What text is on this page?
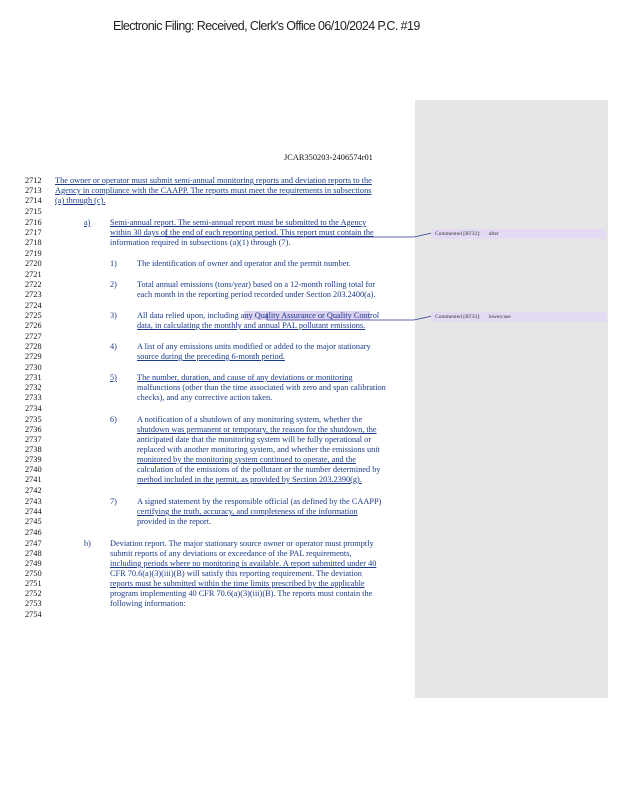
Electronic Filing: Received, Clerk's Office 06/10/2024 P.C. #19
JCAR350203-2406574r01
2712
2713
2714
2715
2716
2717
2718
2719
2720
2721
2722
2723
2724
2725
2726
2727
2728
2729
2730
2731
2732
2733
2734
2735
2736
2737
2738
2739
2740
2741
2742
2743
2744
2745
2746
2747
2748
2749
2750
2751
2752
2753
2754
The owner or operator must submit semi-annual monitoring reports and deviation reports to the
Agency in compliance with the CAAPP. The reports must meet the requirements in subsections
(a) through (c).
a) Semi-annual report. The semi-annual report must be submitted to the Agency
within 30 days of the end of each reporting period. This report must contain the
information required in subsections (a)(1) through (7).
1) The identification of owner and operator and the permit number.
2) Total annual emissions (tons/year) based on a 12-month rolling total for
each month in the reporting period recorded under Section 203.2400(a).
3) All data relied upon, including any Quality Assurance or Quality Control
data, in calculating the monthly and annual PAL pollutant emissions.
4) A list of any emissions units modified or added to the major stationary
source during the preceding 6-month period.
5) The number, duration, and cause of any deviations or monitoring
malfunctions (other than the time associated with zero and span calibration
checks), and any corrective action taken.
6) A notification of a shutdown of any monitoring system, whether the
shutdown was permanent or temporary, the reason for the shutdown, the
anticipated date that the monitoring system will be fully operational or
replaced with another monitoring system, and whether the emissions unit
monitored by the monitoring system continued to operate, and the
calculation of the emissions of the pollutant or the number determined by
method included in the permit, as provided by Section 203.2390(g).
7) A signed statement by the responsible official (as defined by the CAAPP)
certifying the truth, accuracy, and completeness of the information
provided in the report.
b) Deviation report. The major stationary source owner or operator must promptly
submit reports of any deviations or exceedance of the PAL requirements,
including periods where no monitoring is available. A report submitted under 40
CFR 70.6(a)(3)(iii)(B) will satisfy this reporting requirement. The deviation
reports must be submitted within the time limits prescribed by the applicable
program implementing 40 CFR 70.6(a)(3)(iii)(B). The reports must contain the
following information:
Commented [RT32]: after
Commented [RT33]: lowercase
